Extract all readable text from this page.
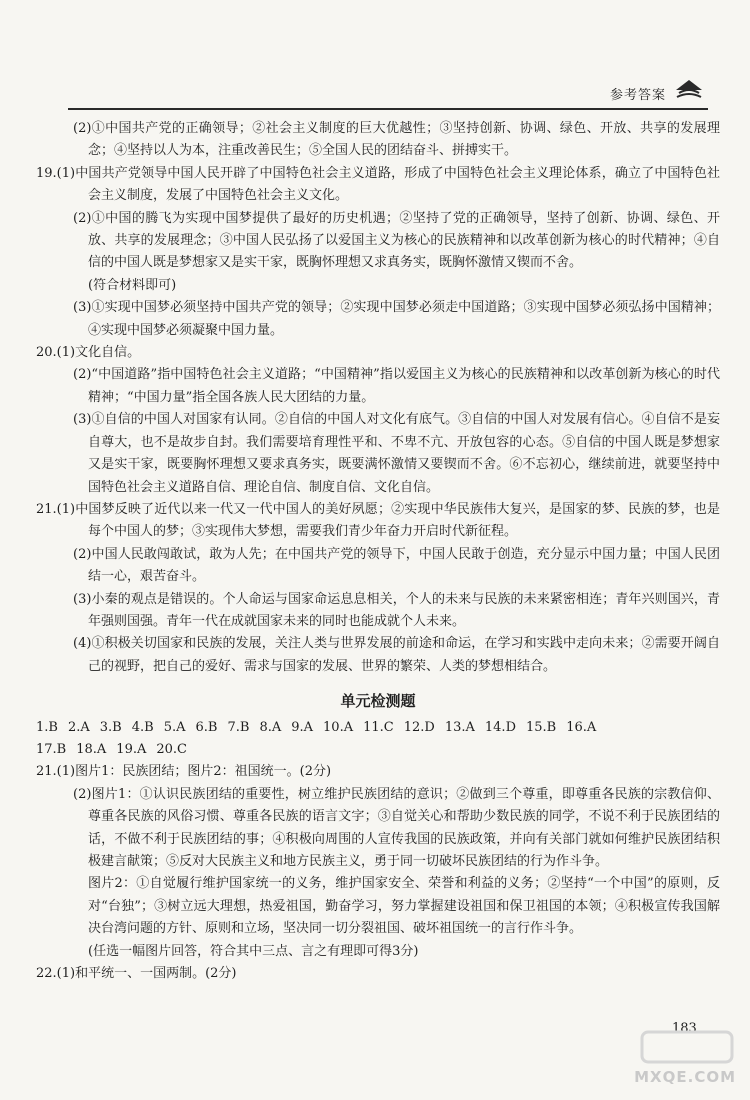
参考答案

(2)①中国共产党的正确领导；②社会主义制度的巨大优越性；③坚持创新、协调、绿色、开放、共享的发展理念；④坚持以人为本，注重改善民生；⑤全国人民的团结奋斗、拼搏实干。

19.(1)中国共产党领导中国人民开辟了中国特色社会主义道路，形成了中国特色社会主义理论体系，确立了中国特色社会主义制度，发展了中国特色社会主义文化。

(2)①中国的腾飞为实现中国梦提供了最好的历史机遇；②坚持了党的正确领导，坚持了创新、协调、绿色、开放、共享的发展理念；③中国人民弘扬了以爱国主义为核心的民族精神和以改革创新为核心的时代精神；④自信的中国人既是梦想家又是实干家，既胸怀理想又求真务实，既胸怀激情又锲而不舍。

(符合材料即可)

(3)①实现中国梦必须坚持中国共产党的领导；②实现中国梦必须走中国道路；③实现中国梦必须弘扬中国精神；④实现中国梦必须凝聚中国力量。

20.(1)文化自信。

(2)“中国道路”指中国特色社会主义道路；“中国精神”指以爱国主义为核心的民族精神和以改革创新为核心的时代精神；“中国力量”指全国各族人民大团结的力量。

(3)①自信的中国人对国家有认同。②自信的中国人对文化有底气。③自信的中国人对发展有信心。④自信不是妄自尊大，也不是故步自封。我们需要培育理性平和、不卑不亢、开放包容的心态。⑤自信的中国人既是梦想家又是实干家，既要胸怀理想又要求真务实，既要满怀激情又要锲而不舍。⑥不忘初心，继续前进，就要坚持中国特色社会主义道路自信、理论自信、制度自信、文化自信。

21.(1)中国梦反映了近代以来一代又一代中国人的美好夙愿；②实现中华民族伟大复兴，是国家的梦、民族的梦，也是每个中国人的梦；③实现伟大梦想，需要我们青少年奋力开启时代新征程。

(2)中国人民敢闯敢试，敢为人先；在中国共产党的领导下，中国人民敢于创造，充分显示中国力量；中国人民团结一心，艰苦奋斗。

(3)小秦的观点是错误的。个人命运与国家命运息息相关，个人的未来与民族的未来紧密相连；青年兴则国兴，青年强则国强。青年一代在成就国家未来的同时也能成就个人未来。

(4)①积极关切国家和民族的发展，关注人类与世界发展的前途和命运，在学习和实践中走向未来；②需要开阔自己的视野，把自己的爱好、需求与国家的发展、世界的繁荣、人类的梦想相结合。

单元检测题

1.B 2.A 3.B 4.B 5.A 6.B 7.B 8.A 9.A 10.A 11.C 12.D 13.A 14.D 15.B 16.A
17.B 18.A 19.A 20.C

21.(1)图片1：民族团结；图片2：祖国统一。(2分)

(2)图片1：①认识民族团结的重要性，树立维护民族团结的意识；②做到三个尊重，即尊重各民族的宗教信仰、尊重各民族的风俗习惯、尊重各民族的语言文字；③自觉关心和帮助少数民族的同学，不说不利于民族团结的话，不做不利于民族团结的事；④积极向周围的人宣传我国的民族政策，并向有关部门就如何维护民族团结积极建言献策；⑤反对大民族主义和地方民族主义，勇于同一切破坏民族团结的行为作斗争。

图片2：①自觉履行维护国家统一的义务，维护国家安全、荣誉和利益的义务；②坚持“一个中国”的原则，反对“台独”；③树立远大理想，热爱祖国，勤奋学习，努力掌握建设祖国和保卫祖国的本领；④积极宣传我国解决台湾问题的方针、原则和立场，坚决同一切分裂祖国、破坏祖国统一的言行作斗争。

(任选一幅图片回答，符合其中三点、言之有理即可得3分)

22.(1)和平统一、一国两制。(2分)

183
MXQE.COM
